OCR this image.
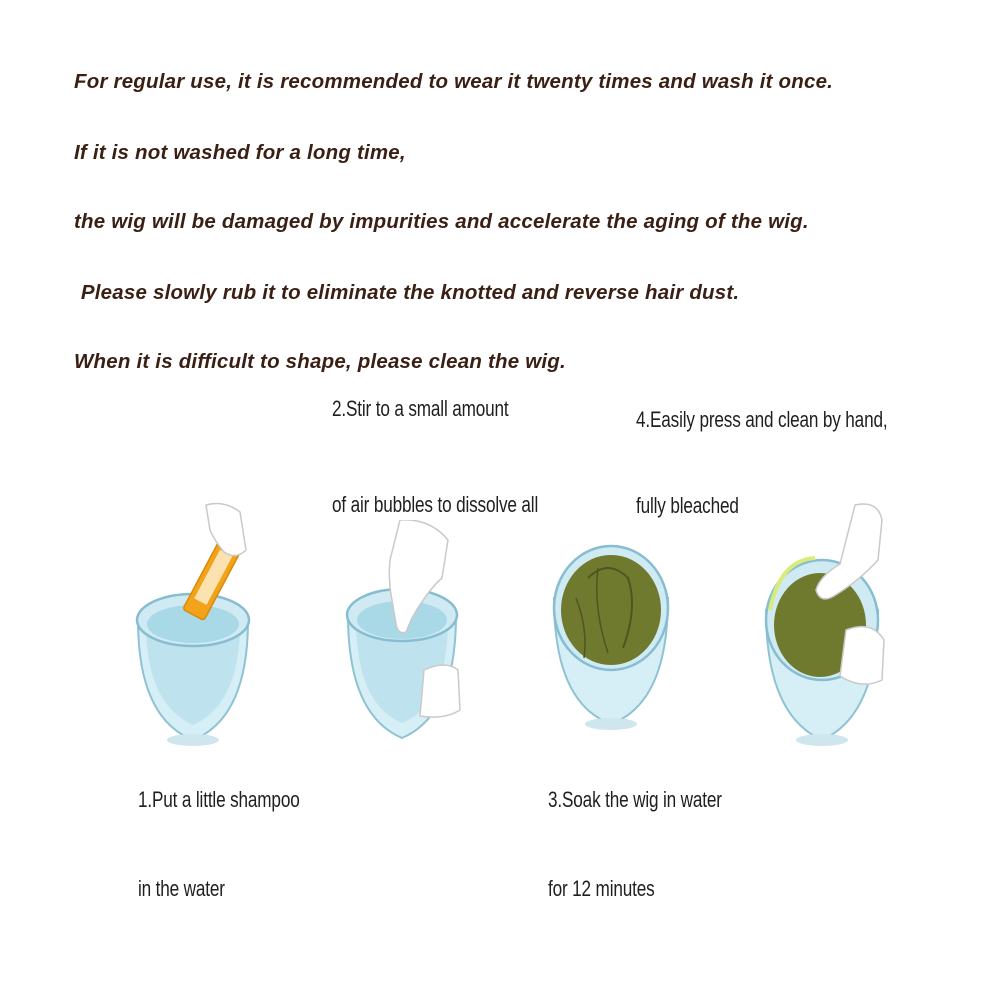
For regular use, it is recommended to wear it twenty times and wash it once.
If it is not washed for a long time,
the wig will be damaged by impurities and accelerate the aging of the wig.
Please slowly rub it to eliminate the knotted and reverse hair dust.
When it is difficult to shape, please clean the wig.
2.Stir to a small amount
of air bubbles to dissolve all
4.Easily press and clean by hand,
fully bleached
1.Put a little shampoo
in the water
3.Soak the wig in water
for 12 minutes
